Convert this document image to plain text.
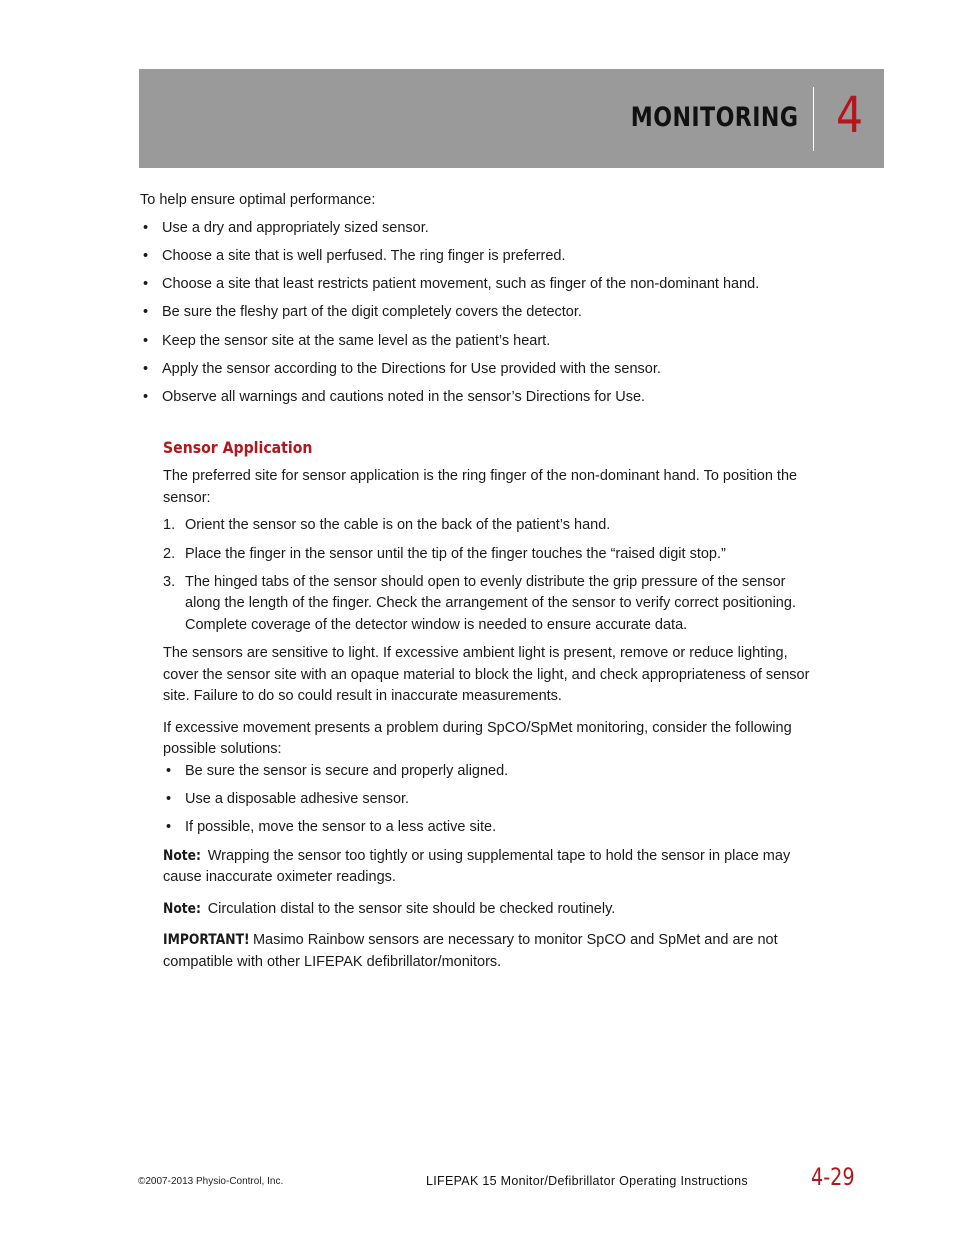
MONITORING 4

To help ensure optimal performance:

• Use a dry and appropriately sized sensor.
• Choose a site that is well perfused. The ring finger is preferred.
• Choose a site that least restricts patient movement, such as finger of the non-dominant hand.
• Be sure the fleshy part of the digit completely covers the detector.
• Keep the sensor site at the same level as the patient’s heart.
• Apply the sensor according to the Directions for Use provided with the sensor.
• Observe all warnings and cautions noted in the sensor’s Directions for Use.
Sensor Application

The preferred site for sensor application is the ring finger of the non-dominant hand. To position the sensor:

1. Orient the sensor so the cable is on the back of the patient’s hand.
2. Place the finger in the sensor until the tip of the finger touches the “raised digit stop.”
3. The hinged tabs of the sensor should open to evenly distribute the grip pressure of the sensor along the length of the finger. Check the arrangement of the sensor to verify correct positioning. Complete coverage of the detector window is needed to ensure accurate data.

The sensors are sensitive to light. If excessive ambient light is present, remove or reduce lighting, cover the sensor site with an opaque material to block the light, and check appropriateness of sensor site. Failure to do so could result in inaccurate measurements.

If excessive movement presents a problem during SpCO/SpMet monitoring, consider the following possible solutions:

• Be sure the sensor is secure and properly aligned.
• Use a disposable adhesive sensor.
• If possible, move the sensor to a less active site.

Note: Wrapping the sensor too tightly or using supplemental tape to hold the sensor in place may cause inaccurate oximeter readings.

Note: Circulation distal to the sensor site should be checked routinely.

IMPORTANT! Masimo Rainbow sensors are necessary to monitor SpCO and SpMet and are not compatible with other LIFEPAK defibrillator/monitors.

©2007-2013 Physio-Control, Inc.	LIFEPAK 15 Monitor/Defibrillator Operating Instructions	4-29
